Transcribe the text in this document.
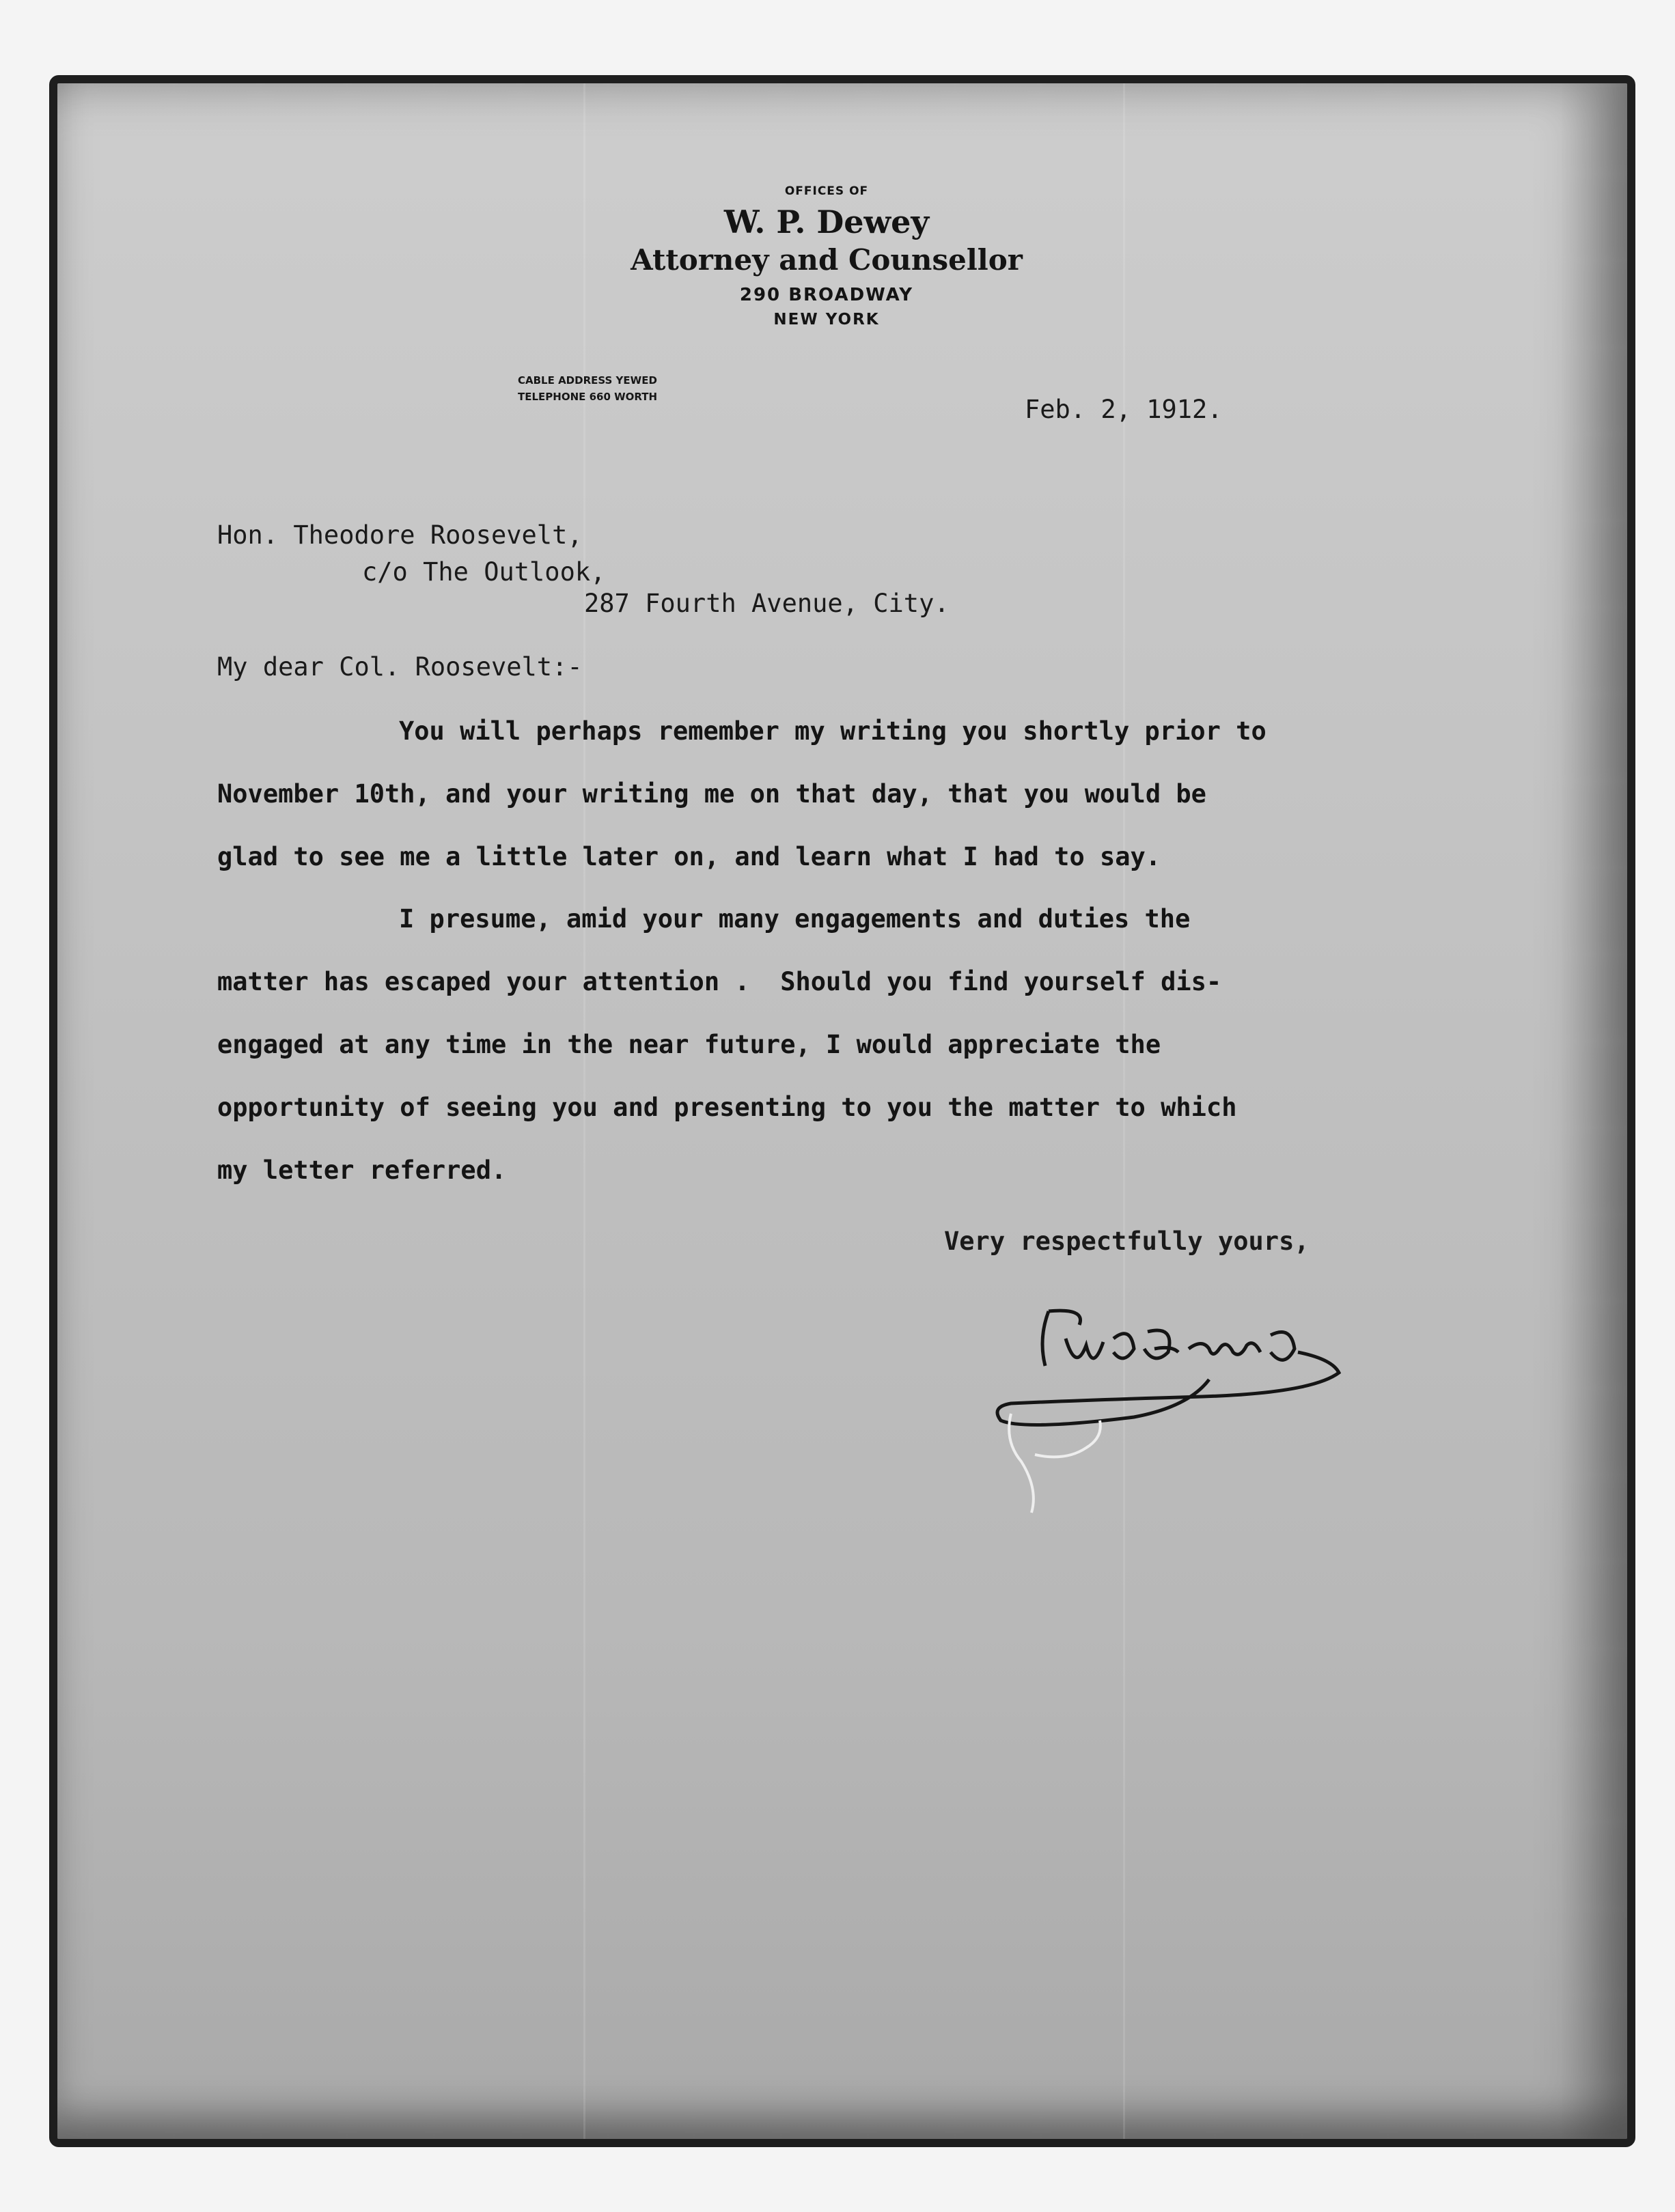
OFFICES OF
W. P. Dewey
Attorney and Counsellor
290 BROADWAY
NEW YORK
CABLE ADDRESS YEWED
TELEPHONE 660 WORTH	Feb. 2, 1912.
Hon. Theodore Roosevelt,
c/o The Outlook,
287 Fourth Avenue, City.
My dear Col. Roosevelt:-
You will perhaps remember my writing you shortly prior to
November 10th, and your writing me on that day, that you would be
glad to see me a little later on, and learn what I had to say.
I presume, amid your many engagements and duties the
matter has escaped your attention .  Should you find yourself dis-
engaged at any time in the near future, I would appreciate the
opportunity of seeing you and presenting to you the matter to which
my letter referred.
Very respectfully yours,
